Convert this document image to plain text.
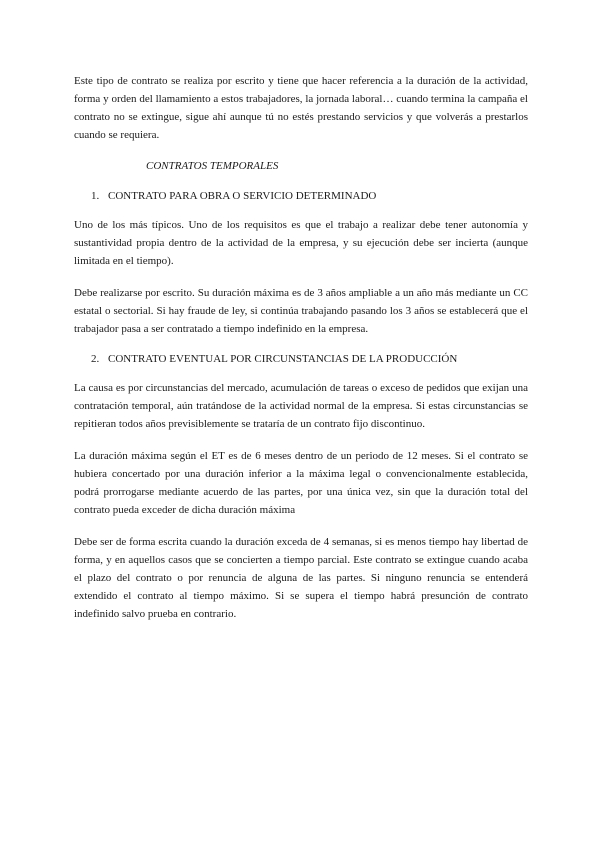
Este tipo de contrato se realiza por escrito y tiene que hacer referencia a la duración de la actividad, forma y orden del llamamiento a estos trabajadores, la jornada laboral… cuando termina la campaña el contrato no se extingue, sigue ahí aunque tú no estés prestando servicios y que volverás a prestarlos cuando se requiera.

CONTRATOS TEMPORALES
1. CONTRATO PARA OBRA O SERVICIO DETERMINADO

Uno de los más típicos. Uno de los requisitos es que el trabajo a realizar debe tener autonomía y sustantividad propia dentro de la actividad de la empresa, y su ejecución debe ser incierta (aunque limitada en el tiempo).

Debe realizarse por escrito. Su duración máxima es de 3 años ampliable a un año más mediante un CC estatal o sectorial. Si hay fraude de ley, si continúa trabajando pasando los 3 años se establecerá que el trabajador pasa a ser contratado a tiempo indefinido en la empresa.

2. CONTRATO EVENTUAL POR CIRCUNSTANCIAS DE LA PRODUCCIÓN

La causa es por circunstancias del mercado, acumulación de tareas o exceso de pedidos que exijan una contratación temporal, aún tratándose de la actividad normal de la empresa. Si estas circunstancias se repitieran todos años previsiblemente se trataría de un contrato fijo discontinuo.

La duración máxima según el ET es de 6 meses dentro de un periodo de 12 meses. Si el contrato se hubiera concertado por una duración inferior a la máxima legal o convencionalmente establecida, podrá prorrogarse mediante acuerdo de las partes, por una única vez, sin que la duración total del contrato pueda exceder de dicha duración máxima

Debe ser de forma escrita cuando la duración exceda de 4 semanas, si es menos tiempo hay libertad de forma, y en aquellos casos que se concierten a tiempo parcial. Este contrato se extingue cuando acaba el plazo del contrato o por renuncia de alguna de las partes. Si ninguno renuncia se entenderá extendido el contrato al tiempo máximo. Si se supera el tiempo habrá presunción de contrato indefinido salvo prueba en contrario.
